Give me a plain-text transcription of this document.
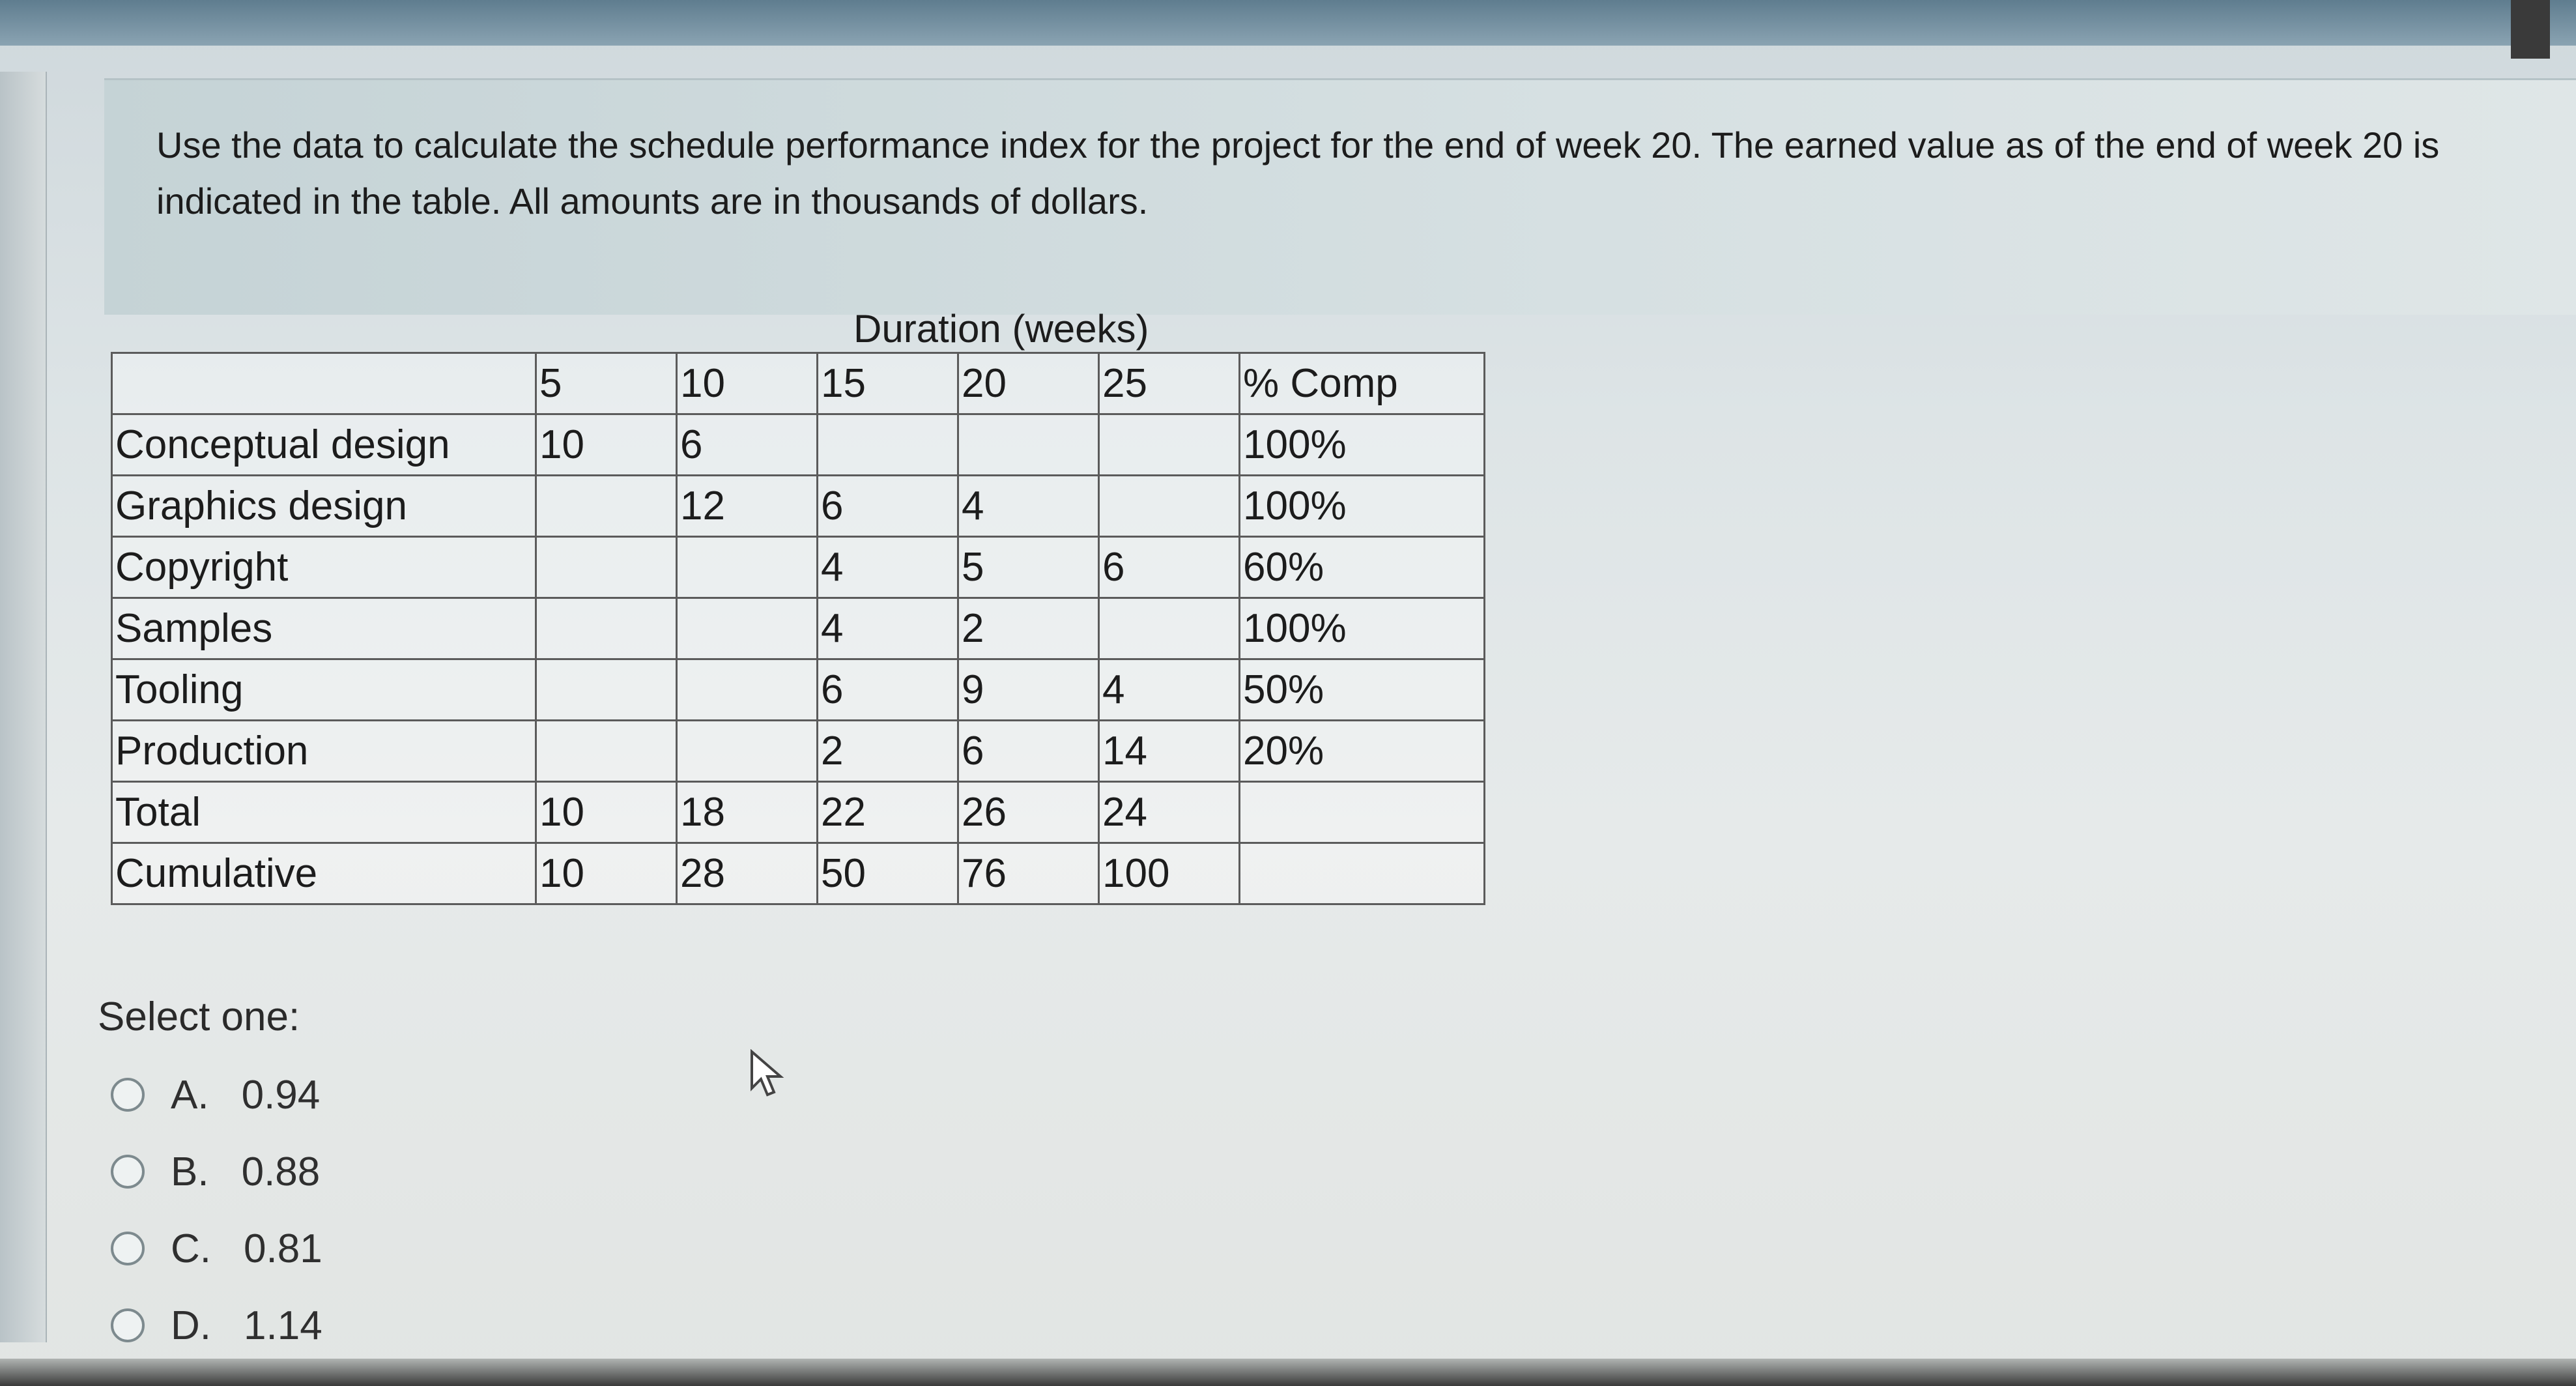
Use the data to calculate the schedule performance index for the project for the end of week 20. The earned value as of the end of week 20 is indicated in the table. All amounts are in thousands of dollars.
Duration (weeks)
	5	10	15	20	25	% Comp
Conceptual design	10	6				100%
Graphics design		12	6	4		100%
Copyright			4	5	6	60%
Samples			4	2		100%
Tooling			6	9	4	50%
Production			2	6	14	20%
Total	10	18	22	26	24	
Cumulative	10	28	50	76	100	
Select one:
A. 0.94
B. 0.88
C. 0.81
D. 1.14
